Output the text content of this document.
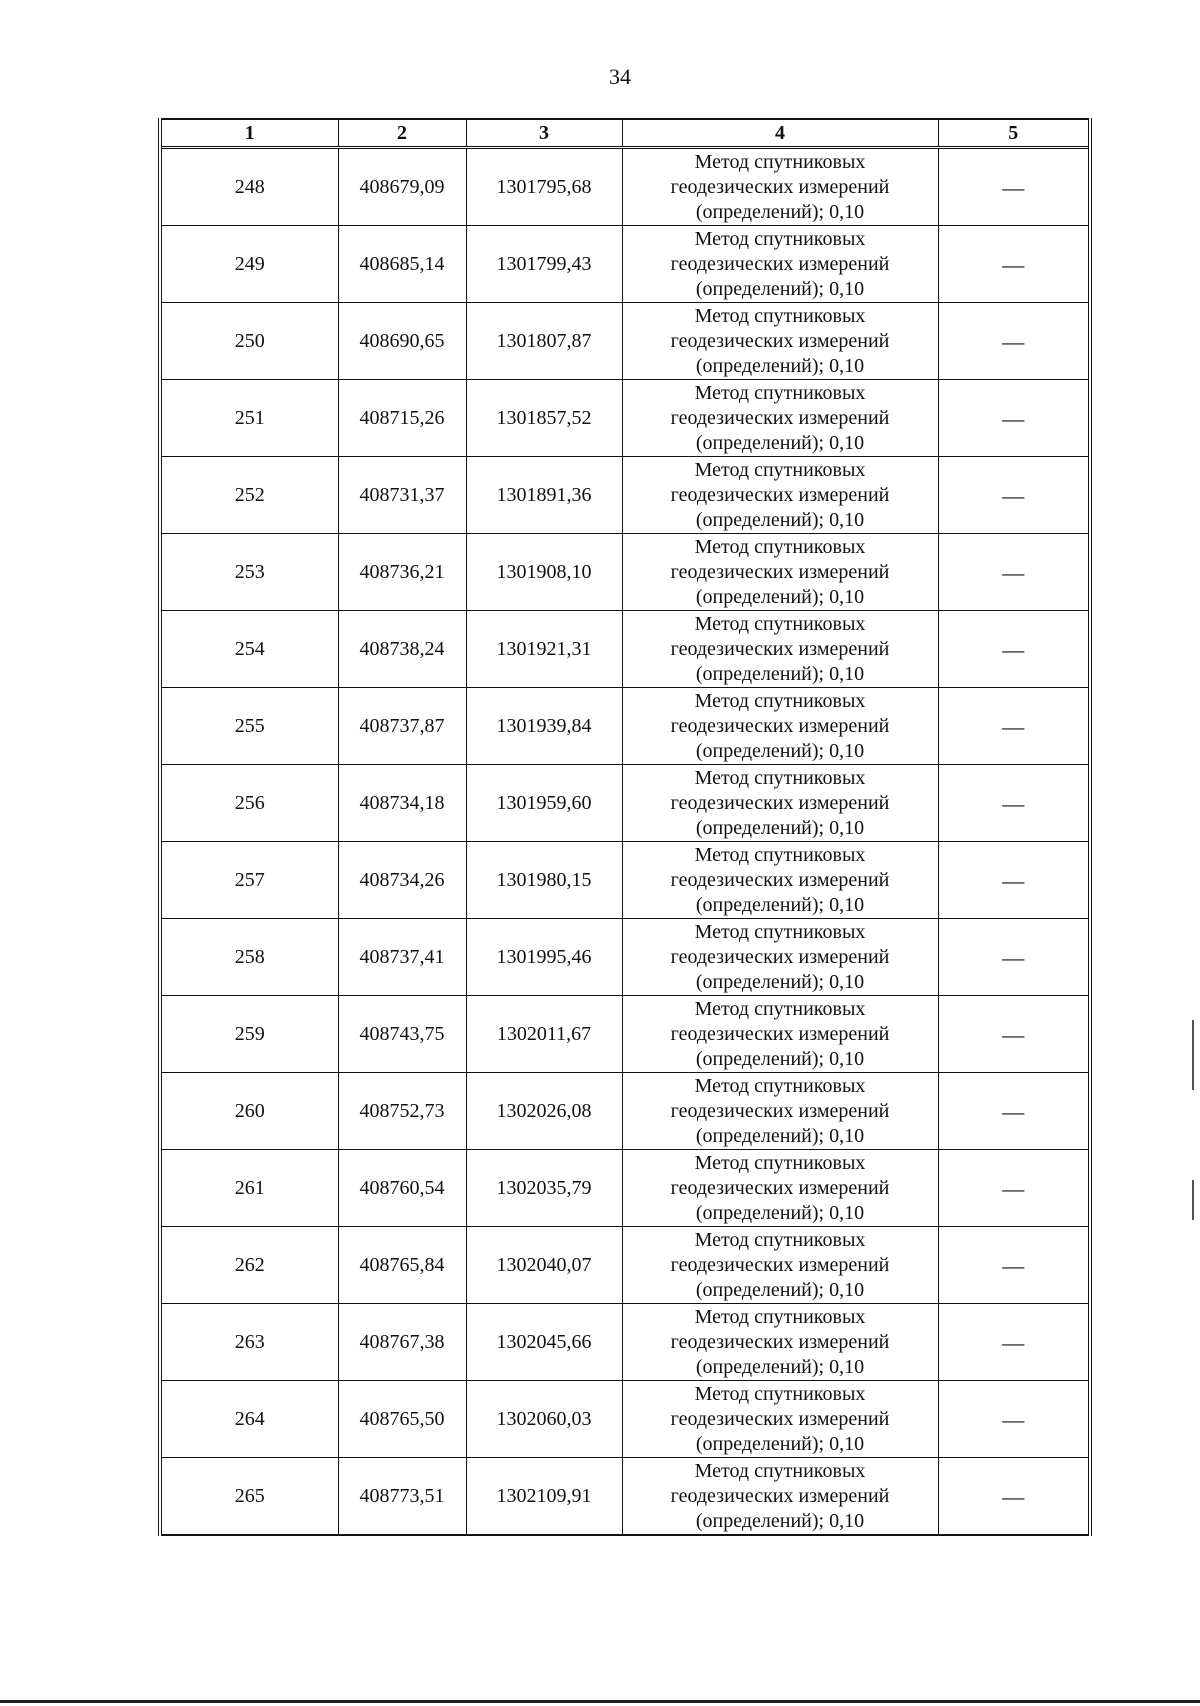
34
1	2	3	4	5
248	408679,09	1301795,68	Метод спутниковых
геодезических измерений
(определений); 0,10	—
249	408685,14	1301799,43	Метод спутниковых
геодезических измерений
(определений); 0,10	—
250	408690,65	1301807,87	Метод спутниковых
геодезических измерений
(определений); 0,10	—
251	408715,26	1301857,52	Метод спутниковых
геодезических измерений
(определений); 0,10	—
252	408731,37	1301891,36	Метод спутниковых
геодезических измерений
(определений); 0,10	—
253	408736,21	1301908,10	Метод спутниковых
геодезических измерений
(определений); 0,10	—
254	408738,24	1301921,31	Метод спутниковых
геодезических измерений
(определений); 0,10	—
255	408737,87	1301939,84	Метод спутниковых
геодезических измерений
(определений); 0,10	—
256	408734,18	1301959,60	Метод спутниковых
геодезических измерений
(определений); 0,10	—
257	408734,26	1301980,15	Метод спутниковых
геодезических измерений
(определений); 0,10	—
258	408737,41	1301995,46	Метод спутниковых
геодезических измерений
(определений); 0,10	—
259	408743,75	1302011,67	Метод спутниковых
геодезических измерений
(определений); 0,10	—
260	408752,73	1302026,08	Метод спутниковых
геодезических измерений
(определений); 0,10	—
261	408760,54	1302035,79	Метод спутниковых
геодезических измерений
(определений); 0,10	—
262	408765,84	1302040,07	Метод спутниковых
геодезических измерений
(определений); 0,10	—
263	408767,38	1302045,66	Метод спутниковых
геодезических измерений
(определений); 0,10	—
264	408765,50	1302060,03	Метод спутниковых
геодезических измерений
(определений); 0,10	—
265	408773,51	1302109,91	Метод спутниковых
геодезических измерений
(определений); 0,10	—
